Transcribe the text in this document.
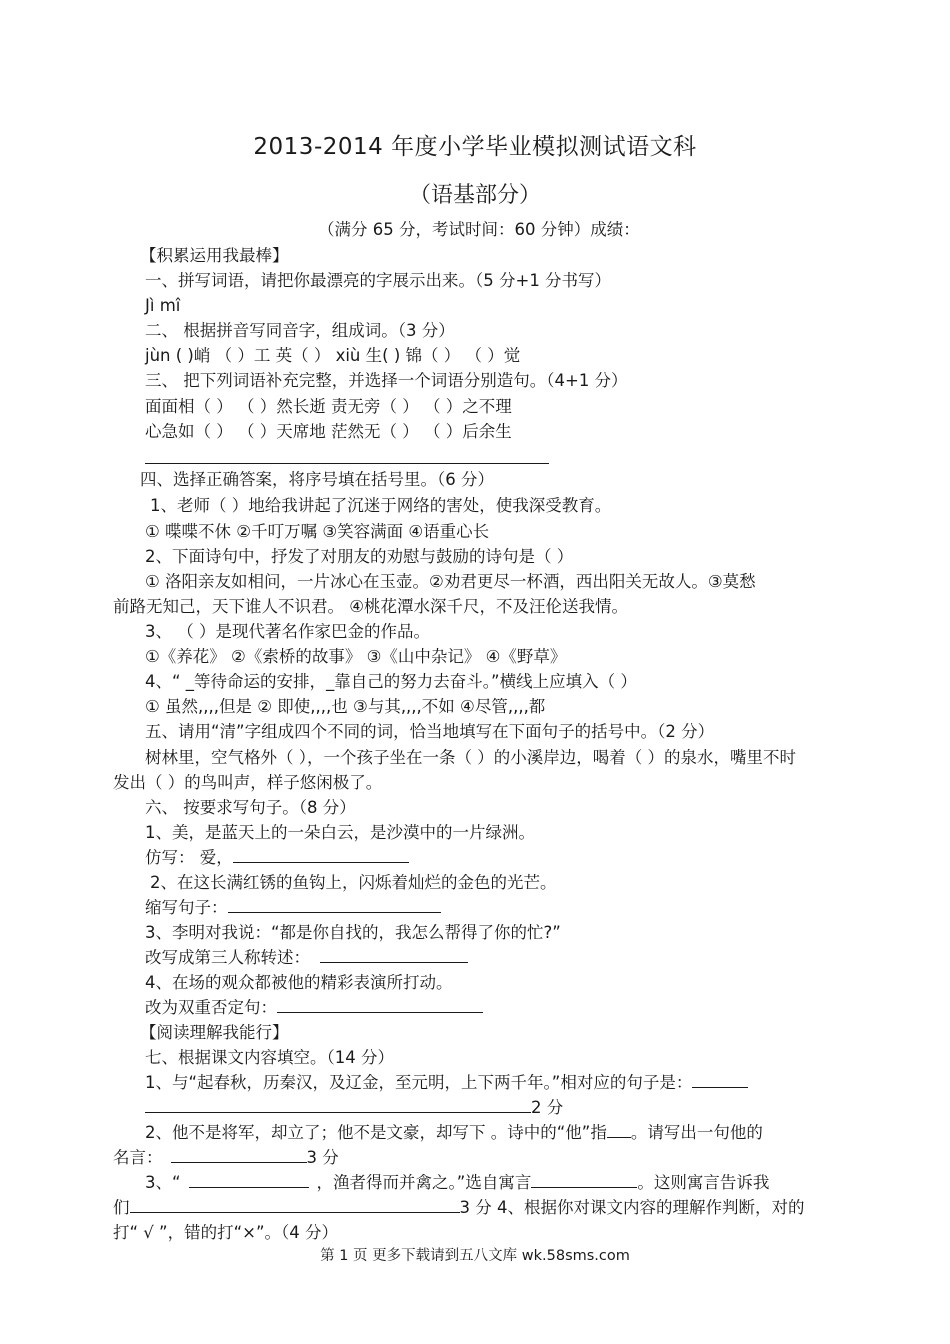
2013-2014 年度小学毕业模拟测试语文科
（语基部分）
（满分 65 分，考试时间：60 分钟）成绩：
【积累运用我最棒】
一、拼写词语，请把你最漂亮的字展示出来。（5 分+1 分书写）
Jì mî
二、 根据拼音写同音字，组成词。（3 分）
jùn ( )峭 （ ）工 英（ ） xiù 生( ) 锦（ ） （ ）觉
三、 把下列词语补充完整，并选择一个词语分别造句。（4+1 分）
面面相（ ） （ ）然长逝 责无旁（ ） （ ）之不理
心急如（ ） （ ）天席地 茫然无（ ） （ ）后余生
四、选择正确答案，将序号填在括号里。（6 分）
1、老师（ ）地给我讲起了沉迷于网络的害处，使我深受教育。
① 喋喋不休 ②千叮万嘱 ③笑容满面 ④语重心长
2、下面诗句中，抒发了对朋友的劝慰与鼓励的诗句是（ ）
① 洛阳亲友如相问，一片冰心在玉壶。②劝君更尽一杯酒，西出阳关无故人。③莫愁
前路无知己，天下谁人不识君。 ④桃花潭水深千尺，不及汪伦送我情。
3、 （ ）是现代著名作家巴金的作品。
①《养花》 ②《索桥的故事》 ③《山中杂记》 ④《野草》
4、“ _等待命运的安排，_靠自己的努力去奋斗。”横线上应填入（ ）
① 虽然,,,,但是 ② 即使,,,,也 ③与其,,,,不如 ④尽管,,,,都
五、请用“清”字组成四个不同的词，恰当地填写在下面句子的括号中。（2 分）
树林里，空气格外（ ），一个孩子坐在一条（ ）的小溪岸边，喝着（ ）的泉水，嘴里不时
发出（ ）的鸟叫声，样子悠闲极了。
六、 按要求写句子。（8 分）
1、美，是蓝天上的一朵白云，是沙漠中的一片绿洲。
仿写： 爱，
2、在这长满红锈的鱼钩上，闪烁着灿烂的金色的光芒。
缩写句子：
3、李明对我说：“都是你自找的，我怎么帮得了你的忙?”
改写成第三人称转述：
4、在场的观众都被他的精彩表演所打动。
改为双重否定句：
【阅读理解我能行】
七、根据课文内容填空。（14 分）
1、与“起春秋，历秦汉，及辽金，至元明，上下两千年。”相对应的句子是：
2 分
2、他不是将军，却立了；他不是文豪，却写下 。诗中的“他”指 。请写出一句他的
名言：	3 分
3、“	，渔者得而并禽之。”选自寓言	。这则寓言告诉我
们	3 分 4、根据你对课文内容的理解作判断，对的
打“ √ ”，错的打“×”。（4 分）
第 1 页 更多下载请到五八文库 wk.58sms.com
